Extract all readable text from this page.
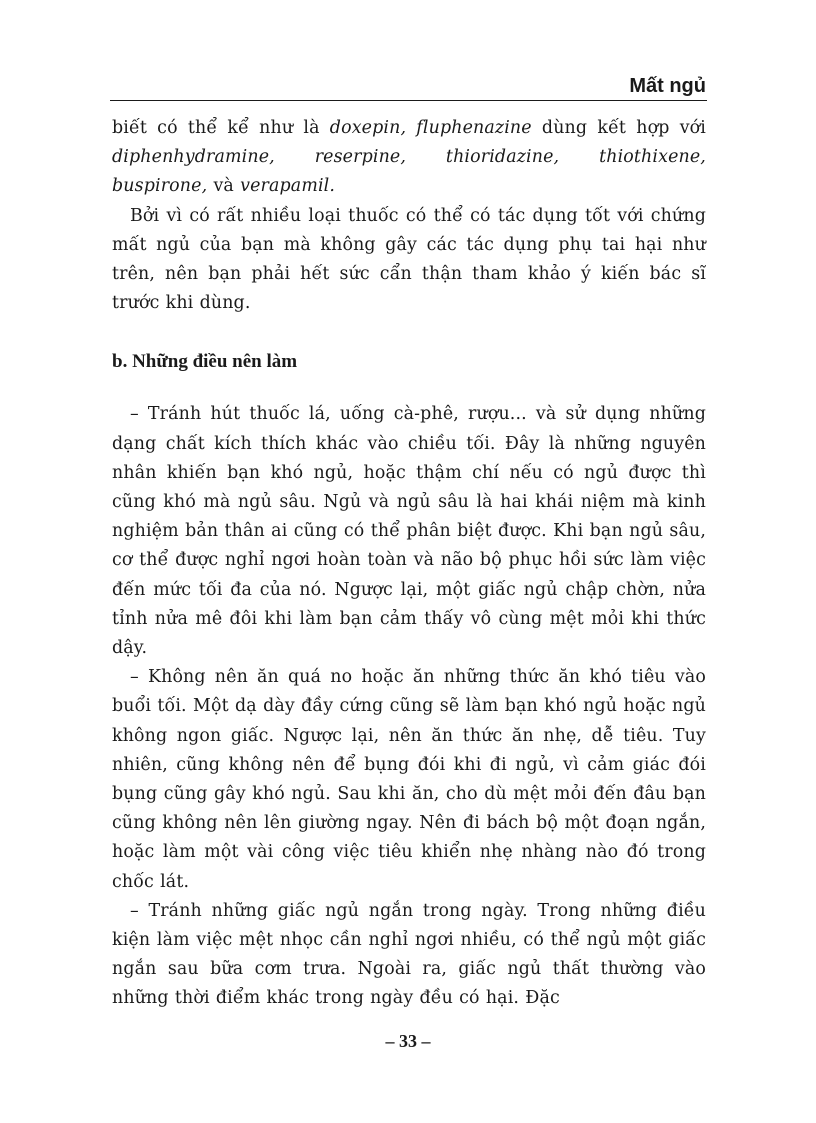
Mất ngủ

biết có thể kể như là doxepin, fluphenazine dùng kết hợp với diphenhydramine, reserpine, thioridazine, thiothixene, buspirone, và verapamil.

Bởi vì có rất nhiều loại thuốc có thể có tác dụng tốt với chứng mất ngủ của bạn mà không gây các tác dụng phụ tai hại như trên, nên bạn phải hết sức cẩn thận tham khảo ý kiến bác sĩ trước khi dùng.

b. Những điều nên làm

– Tránh hút thuốc lá, uống cà-phê, rượu... và sử dụng những dạng chất kích thích khác vào chiều tối. Đây là những nguyên nhân khiến bạn khó ngủ, hoặc thậm chí nếu có ngủ được thì cũng khó mà ngủ sâu. Ngủ và ngủ sâu là hai khái niệm mà kinh nghiệm bản thân ai cũng có thể phân biệt được. Khi bạn ngủ sâu, cơ thể được nghỉ ngơi hoàn toàn và não bộ phục hồi sức làm việc đến mức tối đa của nó. Ngược lại, một giấc ngủ chập chờn, nửa tỉnh nửa mê đôi khi làm bạn cảm thấy vô cùng mệt mỏi khi thức dậy.

– Không nên ăn quá no hoặc ăn những thức ăn khó tiêu vào buổi tối. Một dạ dày đầy cứng cũng sẽ làm bạn khó ngủ hoặc ngủ không ngon giấc. Ngược lại, nên ăn thức ăn nhẹ, dễ tiêu. Tuy nhiên, cũng không nên để bụng đói khi đi ngủ, vì cảm giác đói bụng cũng gây khó ngủ. Sau khi ăn, cho dù mệt mỏi đến đâu bạn cũng không nên lên giường ngay. Nên đi bách bộ một đoạn ngắn, hoặc làm một vài công việc tiêu khiển nhẹ nhàng nào đó trong chốc lát.

– Tránh những giấc ngủ ngắn trong ngày. Trong những điều kiện làm việc mệt nhọc cần nghỉ ngơi nhiều, có thể ngủ một giấc ngắn sau bữa cơm trưa. Ngoài ra, giấc ngủ thất thường vào những thời điểm khác trong ngày đều có hại. Đặc

– 33 –
